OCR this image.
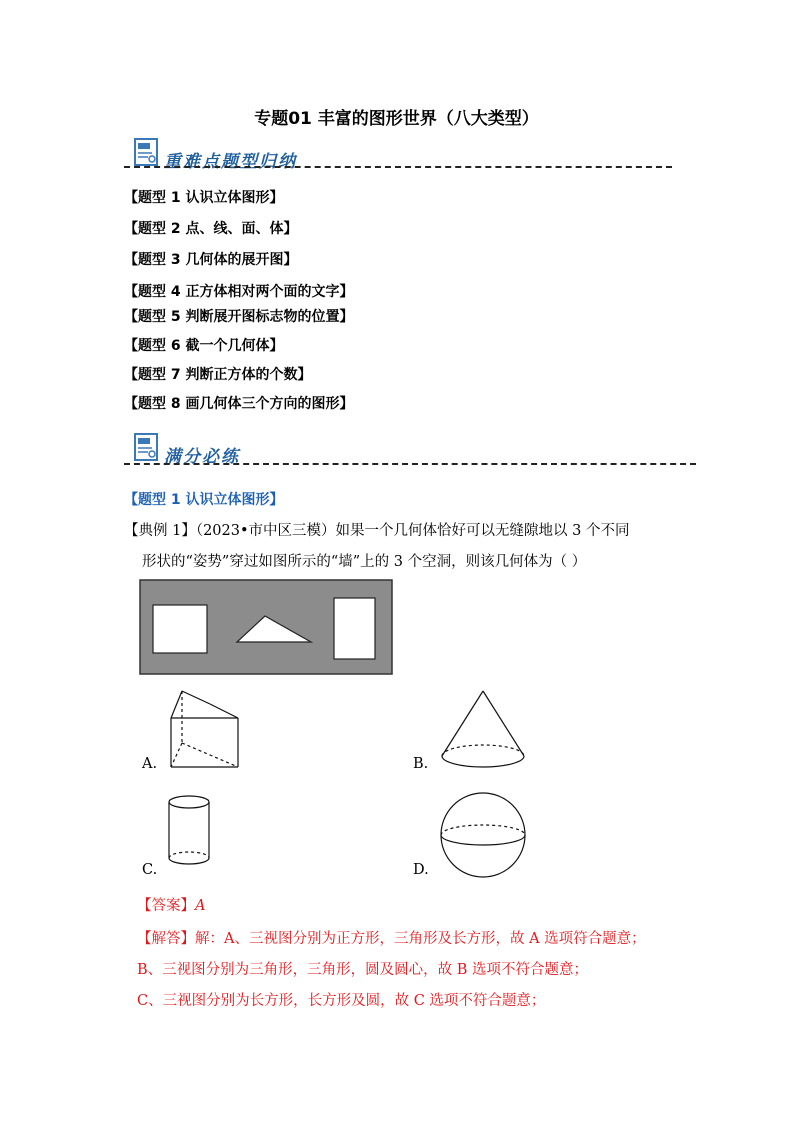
专题01 丰富的图形世界（八大类型）
重难点题型归纳
【题型 1 认识立体图形】
【题型 2 点、线、面、体】
【题型 3 几何体的展开图】
【题型 4 正方体相对两个面的文字】
【题型 5 判断展开图标志物的位置】
【题型 6 截一个几何体】
【题型 7 判断正方体的个数】
【题型 8 画几何体三个方向的图形】
满分必练
【题型 1 认识立体图形】
【典例 1】（2023•市中区三模）如果一个几何体恰好可以无缝隙地以 3 个不同
形状的“姿势”穿过如图所示的“墙”上的 3 个空洞，则该几何体为（ ）
A.	B.
C.	D.
【答案】A
【解答】解：A、三视图分别为正方形，三角形及长方形，故 A 选项符合题意；
B、三视图分别为三角形，三角形，圆及圆心，故 B 选项不符合题意；
C、三视图分别为长方形，长方形及圆，故 C 选项不符合题意；
